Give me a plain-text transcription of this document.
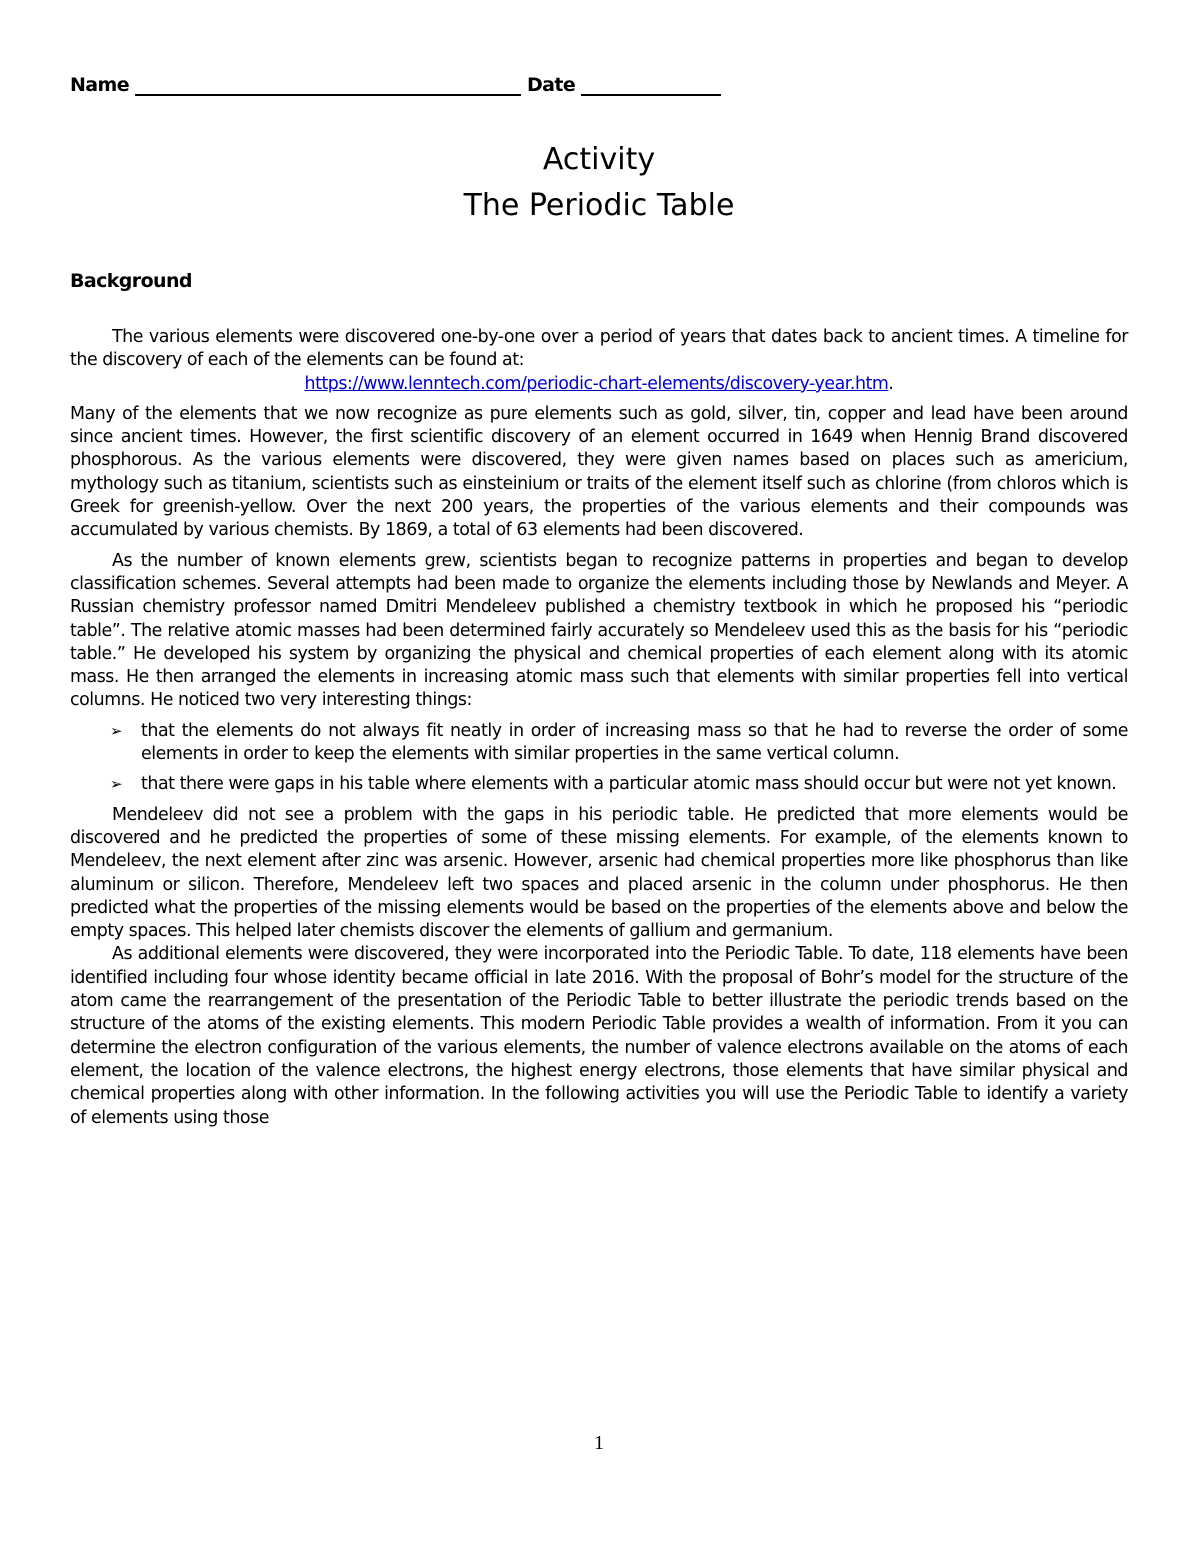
Name	Date
Activity
The Periodic Table
Background

The various elements were discovered one-by-one over a period of years that dates back to ancient times. A timeline for the discovery of each of the elements can be found at:

https://www.lenntech.com/periodic-chart-elements/discovery-year.htm.

Many of the elements that we now recognize as pure elements such as gold, silver, tin, copper and lead have been around since ancient times. However, the first scientific discovery of an element occurred in 1649 when Hennig Brand discovered phosphorous. As the various elements were discovered, they were given names based on places such as americium, mythology such as titanium, scientists such as einsteinium or traits of the element itself such as chlorine (from chloros which is Greek for greenish-yellow. Over the next 200 years, the properties of the various elements and their compounds was accumulated by various chemists. By 1869, a total of 63 elements had been discovered.

As the number of known elements grew, scientists began to recognize patterns in properties and began to develop classification schemes. Several attempts had been made to organize the elements including those by Newlands and Meyer. A Russian chemistry professor named Dmitri Mendeleev published a chemistry textbook in which he proposed his “periodic table”. The relative atomic masses had been determined fairly accurately so Mendeleev used this as the basis for his “periodic table.” He developed his system by organizing the physical and chemical properties of each element along with its atomic mass. He then arranged the elements in increasing atomic mass such that elements with similar properties fell into vertical columns. He noticed two very interesting things:

➢ that the elements do not always fit neatly in order of increasing mass so that he had to reverse the order of some elements in order to keep the elements with similar properties in the same vertical column.
➢ that there were gaps in his table where elements with a particular atomic mass should occur but were not yet known.

Mendeleev did not see a problem with the gaps in his periodic table. He predicted that more elements would be discovered and he predicted the properties of some of these missing elements. For example, of the elements known to Mendeleev, the next element after zinc was arsenic. However, arsenic had chemical properties more like phosphorus than like aluminum or silicon. Therefore, Mendeleev left two spaces and placed arsenic in the column under phosphorus. He then predicted what the properties of the missing elements would be based on the properties of the elements above and below the empty spaces. This helped later chemists discover the elements of gallium and germanium.

As additional elements were discovered, they were incorporated into the Periodic Table. To date, 118 elements have been identified including four whose identity became official in late 2016. With the proposal of Bohr’s model for the structure of the atom came the rearrangement of the presentation of the Periodic Table to better illustrate the periodic trends based on the structure of the atoms of the existing elements. This modern Periodic Table provides a wealth of information. From it you can determine the electron configuration of the various elements, the number of valence electrons available on the atoms of each element, the location of the valence electrons, the highest energy electrons, those elements that have similar physical and chemical properties along with other information. In the following activities you will use the Periodic Table to identify a variety of elements using those

1
